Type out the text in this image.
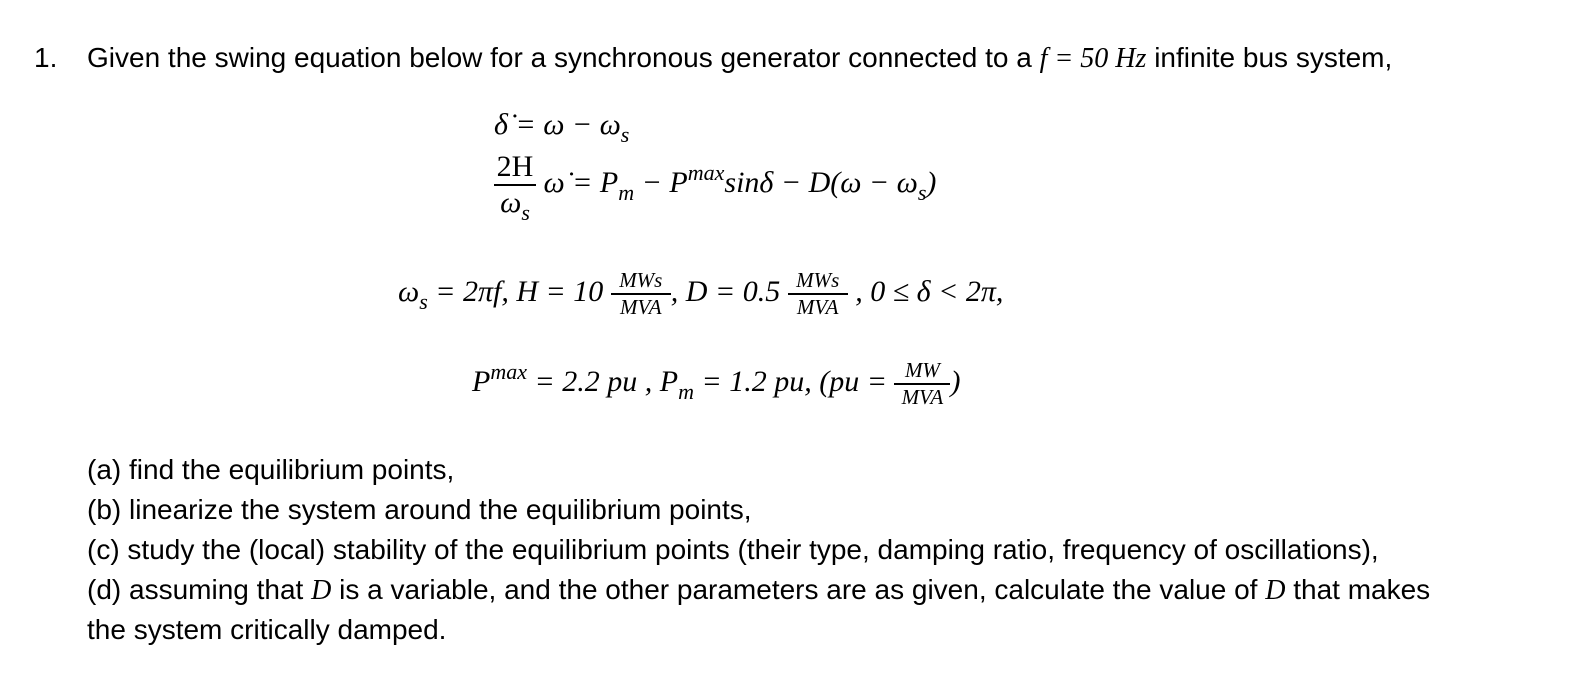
1. Given the swing equation below for a synchronous generator connected to a f = 50 Hz infinite bus system,
δ̇ = $\omega - \omega_s$
$\frac{2H}{\omega_s}$ ω̇ = $P_m - P^{max}\sin\delta - D(\omega - \omega_s)$
$\omega_s = 2\pi f$, $H = 10 \frac{\text{MWs}}{\text{MVA}}$ , $D = 0.5 \frac{\text{MWs}}{\text{MVA}}$ , 0 ≤ δ < 2π,
$P^{max} = 2.2$ pu , $P_m = 1.2$ pu, ($pu = \frac{MW}{\text{MVA}}$ )
(a) find the equilibrium points,
(b) linearize the system around the equilibrium points,
(c) study the (local) stability of the equilibrium points (their type, damping ratio, frequency of oscillations),
(d) assuming that D is a variable, and the other parameters are as given, calculate the value of D that makes
the system critically damped.
